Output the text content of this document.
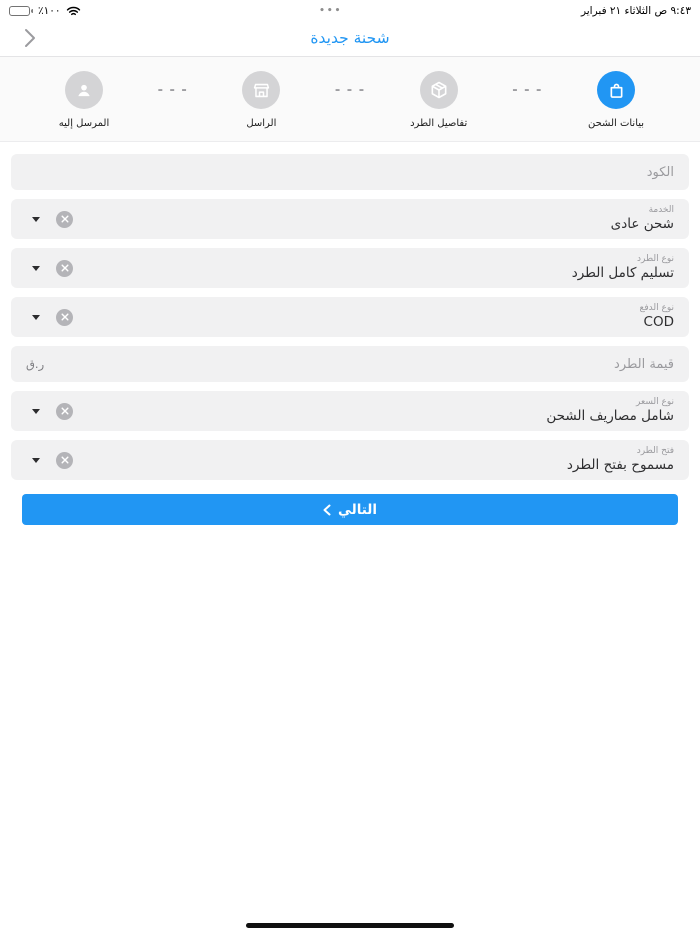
٩:٤٣ ص الثلاثاء ٢١ فبراير
•••
١٠٠٪
شحنة جديدة
بيانات الشحن
- - -
تفاصيل الطرد
- - -
الراسل
- - -
المرسل إليه
الكود
الخدمة
شحن عادى
نوع الطرد
تسليم كامل الطرد
نوع الدفع
COD
قيمة الطرد
ر.ق
نوع السعر
شامل مصاريف الشحن
فتح الطرد
مسموح بفتح الطرد
التالي
